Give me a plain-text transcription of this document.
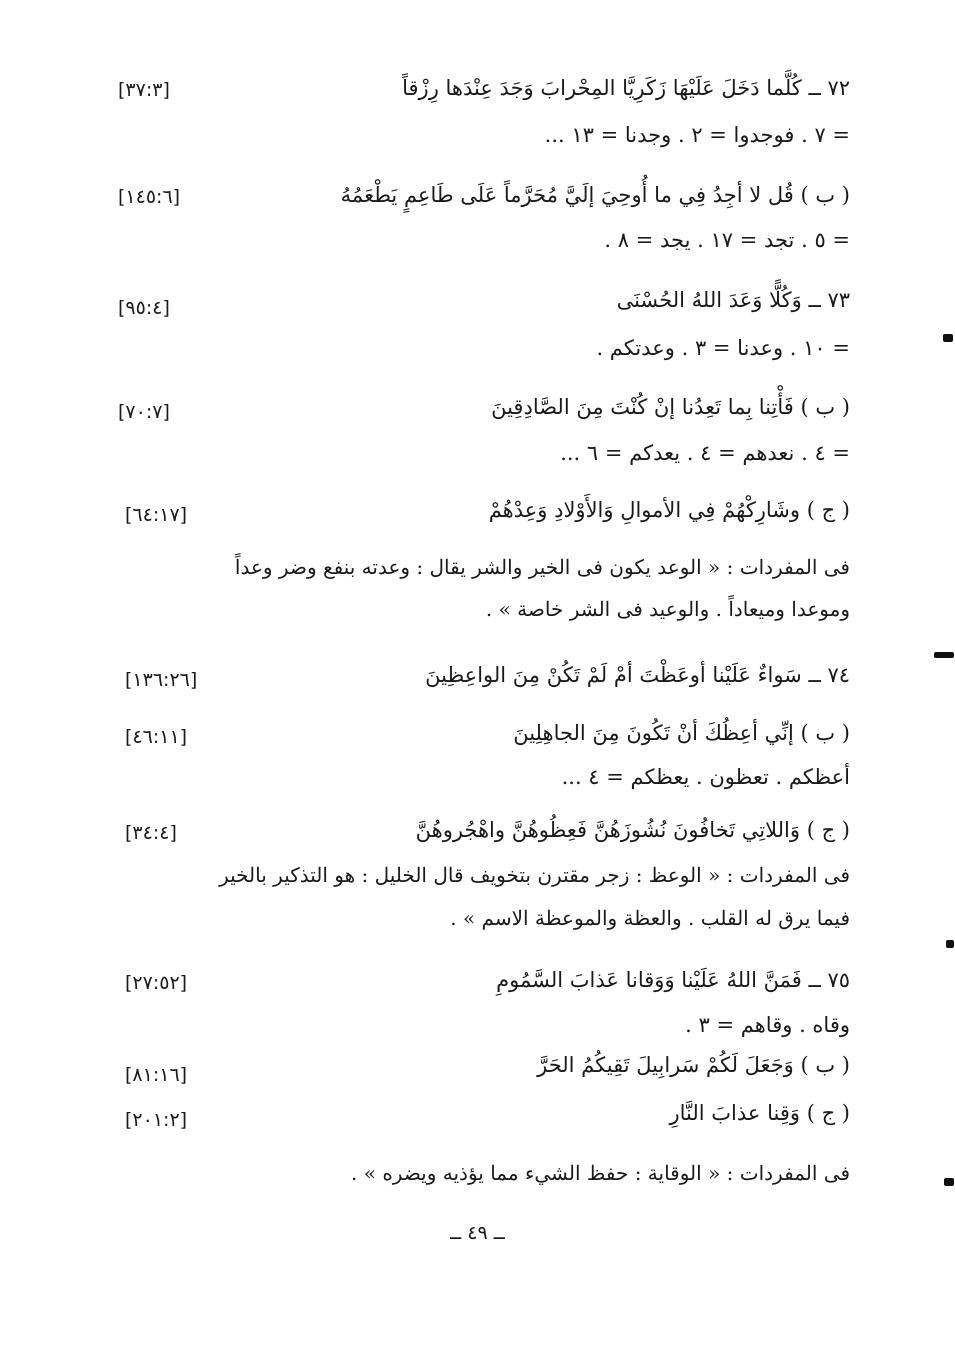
٧٢ ــ كُلَّما دَخَلَ عَلَيْهَا زَكَرِيَّا المِحْرابَ وَجَدَ عِنْدَها رِزْقاً
[٣٧:٣]
= ٧ . فوجدوا = ٢ . وجدنا = ١٣ ...
( ب ) قُل لا أجِدُ فِي ما أُوحِيَ إلَيَّ مُحَرَّماً عَلَى طَاعِمٍ يَطْعَمُهُ
[١٤٥:٦]
= ٥ . تجد = ١٧ . يجد = ٨ .
٧٣ ــ وَكُلًّا وَعَدَ اللهُ الحُسْنَى
[٩٥:٤]
= ١٠ . وعدنا = ٣ . وعدتكم .
( ب ) فَأْتِنا بِما تَعِدُنا إنْ كُنْتَ مِنَ الصَّادِقِينَ
[٧٠:٧]
= ٤ . نعدهم = ٤ . يعدكم = ٦ ...
( ج ) وشَارِكْهُمْ فِي الأموالِ وَالأَوْلادِ وَعِدْهُمْ
[٦٤:١٧]
فى المفردات : « الوعد يكون فى الخير والشر يقال : وعدته بنفع وضر وعداً
وموعدا وميعاداً . والوعيد فى الشر خاصة » .
٧٤ ــ سَواءٌ عَلَيْنا أوعَظْتَ أمْ لَمْ تَكُنْ مِنَ الواعِظِينَ
[١٣٦:٢٦]
( ب ) إنِّي أعِظُكَ أنْ تَكُونَ مِنَ الجاهِلِينَ
[٤٦:١١]
أعظكم . تعظون . يعظكم = ٤ ...
( ج ) وَاللاتِي تَخافُونَ نُشُوزَهُنَّ فَعِظُوهُنَّ واهْجُروهُنَّ
[٣٤:٤]
فى المفردات : « الوعظ : زجر مقترن بتخويف قال الخليل : هو التذكير بالخير
فيما يرق له القلب . والعظة والموعظة الاسم » .
٧٥ ــ فَمَنَّ اللهُ عَلَيْنا وَوَقانا عَذابَ السَّمُومِ
[٢٧:٥٢]
وقاه . وقاهم = ٣ .
( ب ) وَجَعَلَ لَكُمْ سَرابِيلَ تَقِيكُمُ الحَرَّ
[٨١:١٦]
( ج ) وَقِنا عذابَ النَّارِ
[٢٠١:٢]
فى المفردات : « الوقاية : حفظ الشيء مما يؤذيه ويضره » .
ــ ٤٩ ــ
